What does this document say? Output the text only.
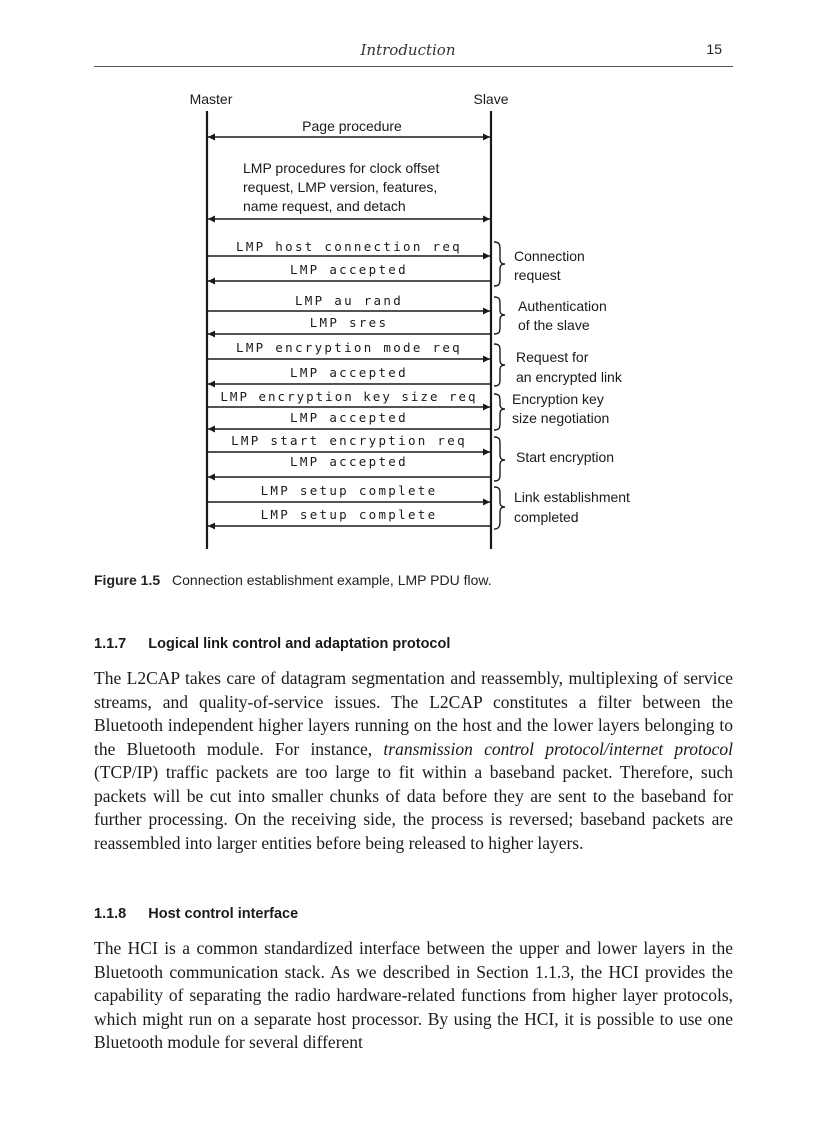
Introduction	15
Master	Slave
Page procedure
LMP procedures for clock offset
request, LMP version, features,
name request, and detach
LMP host connection req
LMP accepted
LMP au rand
LMP sres
LMP encryption mode req
LMP accepted
LMP encryption key size req
LMP accepted
LMP start encryption req
LMP accepted
LMP setup complete
LMP setup complete
Connection
request
Authentication
of the slave
Request for
an encrypted link
Encryption key
size negotiation
Start encryption
Link establishment
completed
Figure 1.5 Connection establishment example, LMP PDU flow.
1.1.7 Logical link control and adaptation protocol
The L2CAP takes care of datagram segmentation and reassembly, multiplexing of service streams, and quality-of-service issues. The L2CAP constitutes a filter between the Bluetooth independent higher layers running on the host and the lower layers belonging to the Bluetooth module. For instance, transmission control protocol/internet protocol (TCP/IP) traffic packets are too large to fit within a baseband packet. Therefore, such packets will be cut into smaller chunks of data before they are sent to the baseband for further processing. On the receiving side, the process is reversed; baseband packets are reassembled into larger entities before being released to higher layers.
1.1.8 Host control interface
The HCI is a common standardized interface between the upper and lower layers in the Bluetooth communication stack. As we described in Section 1.1.3, the HCI provides the capability of separating the radio hardware-related functions from higher layer protocols, which might run on a separate host processor. By using the HCI, it is possible to use one Bluetooth module for several different
